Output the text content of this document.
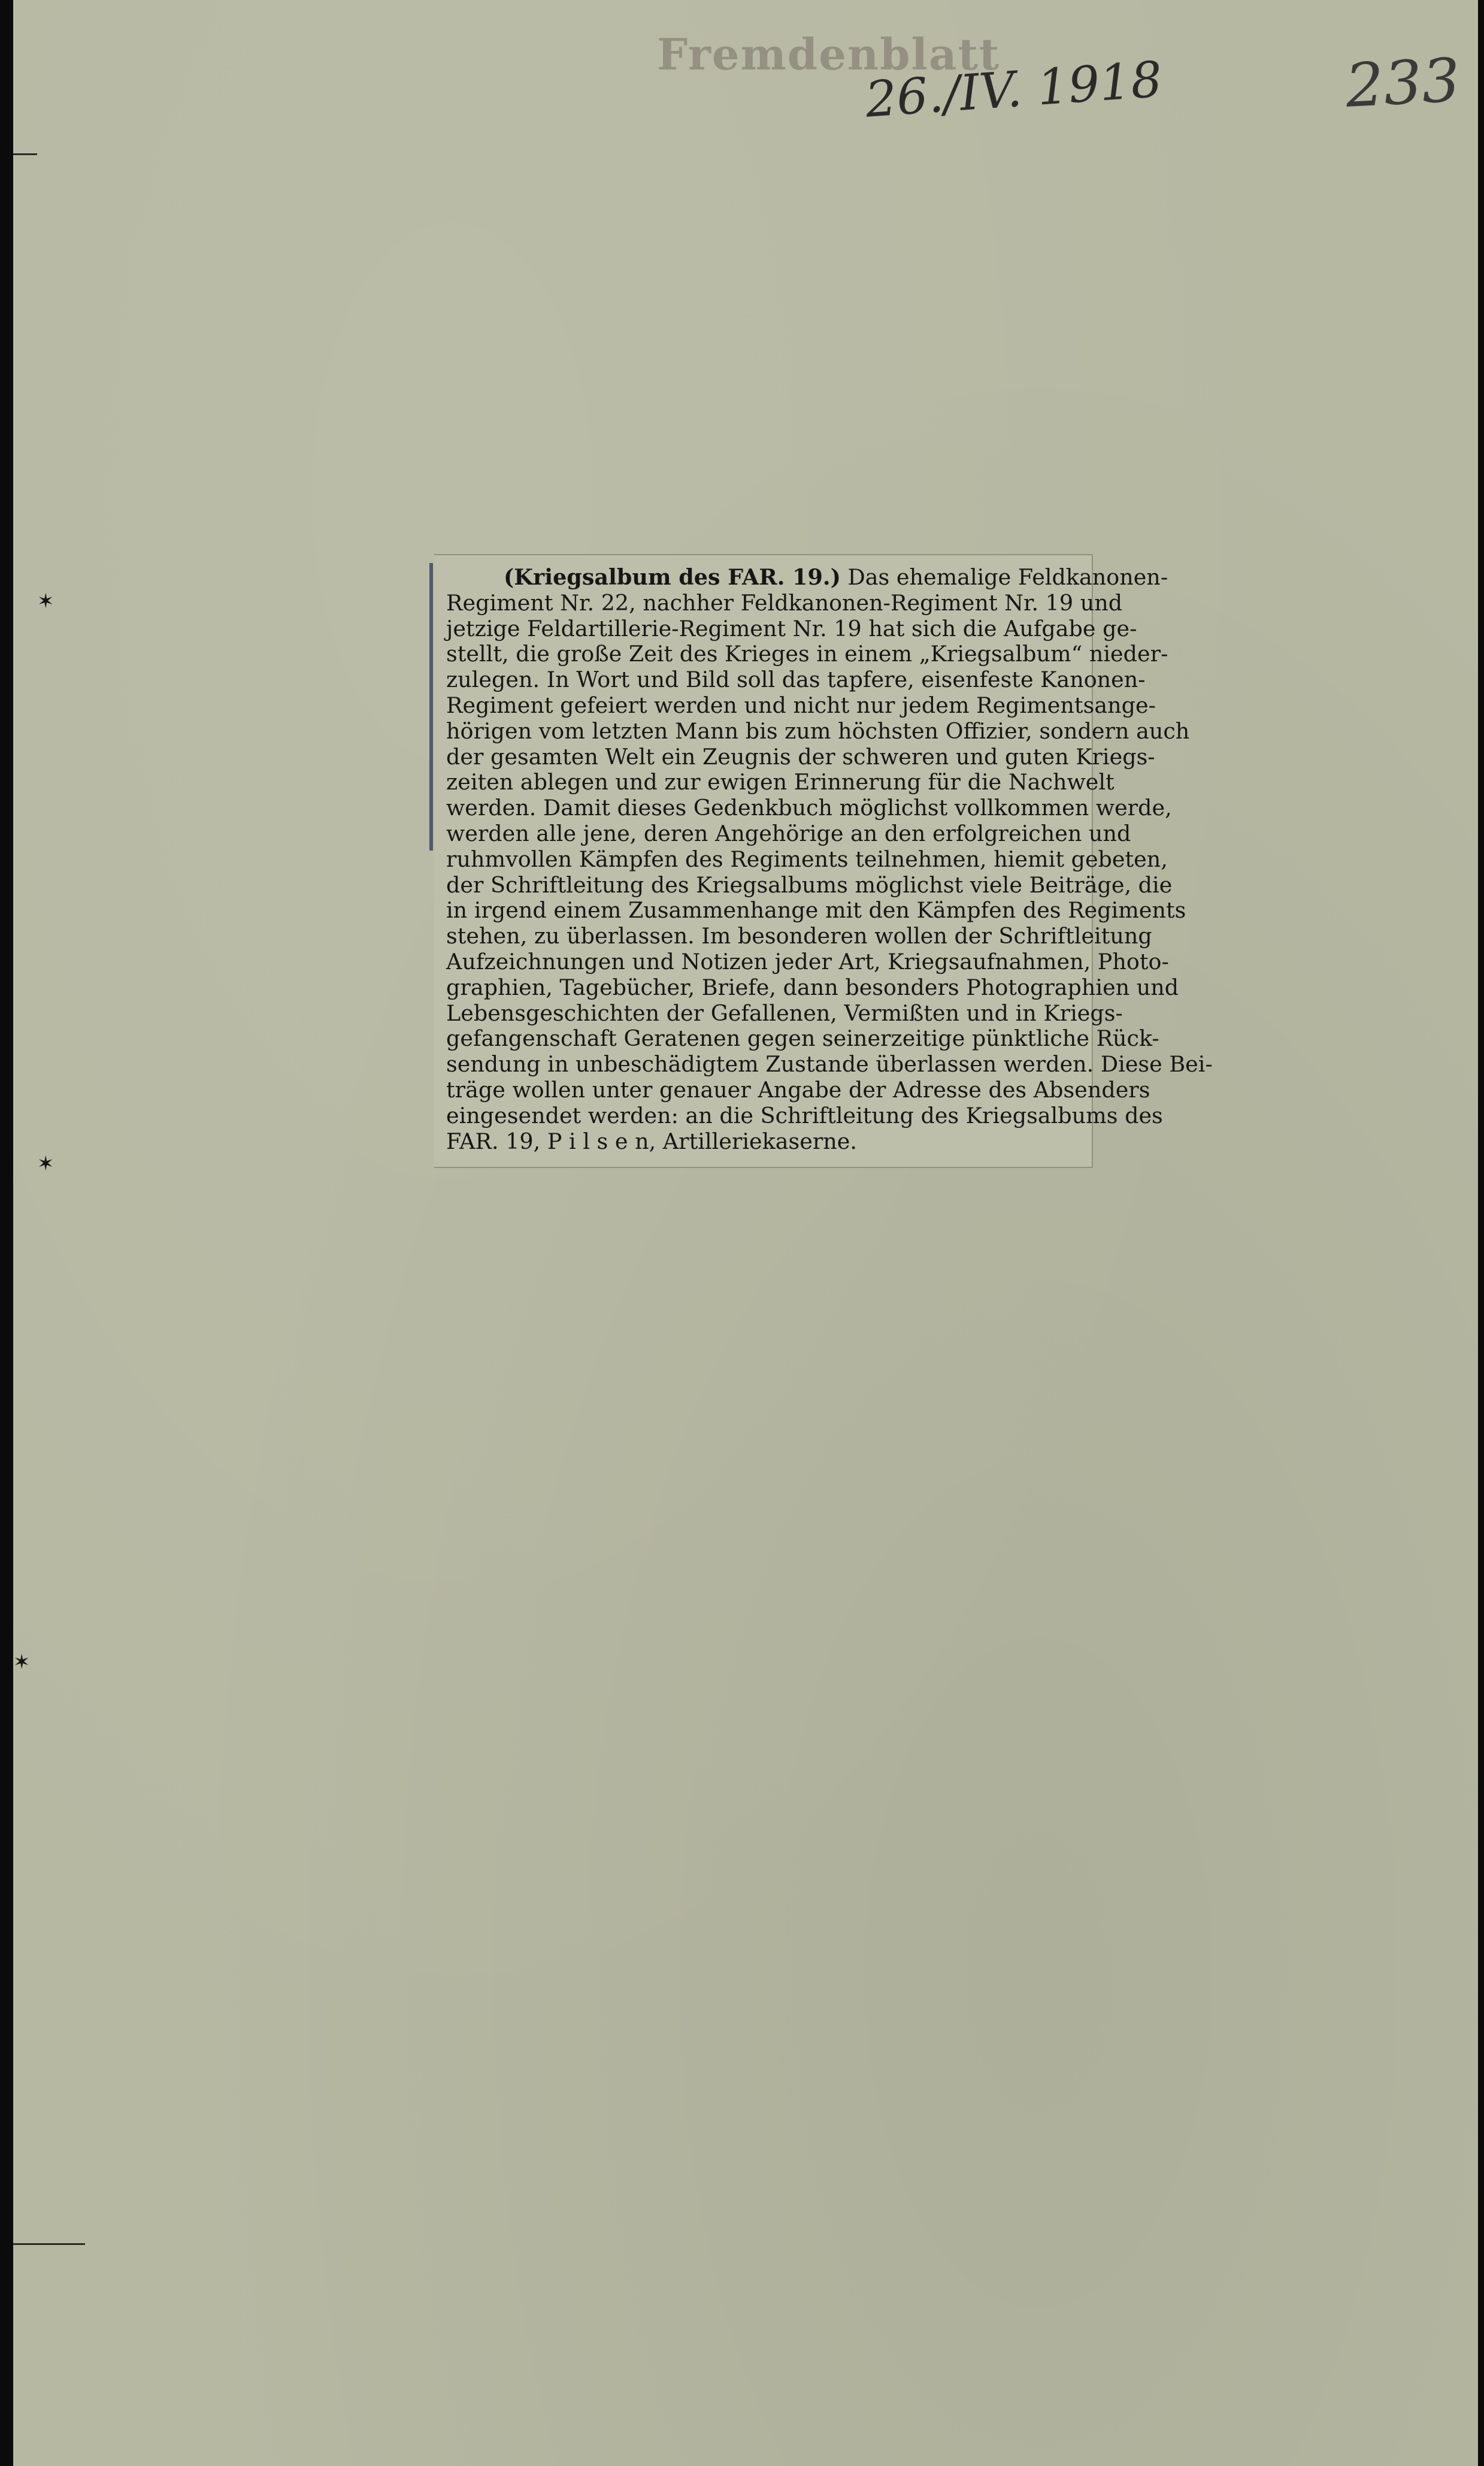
Fremdenblatt
26./IV. 1918	233
✶
✶
✶
(Kriegsalbum des FAR. 19.) Das ehemalige Feldkanonen-
Regiment Nr. 22, nachher Feldkanonen-Regiment Nr. 19 und
jetzige Feldartillerie-Regiment Nr. 19 hat sich die Aufgabe ge-
stellt, die große Zeit des Krieges in einem „Kriegsalbum“ nieder-
zulegen. In Wort und Bild soll das tapfere, eisenfeste Kanonen-
Regiment gefeiert werden und nicht nur jedem Regimentsange-
hörigen vom letzten Mann bis zum höchsten Offizier, sondern auch
der gesamten Welt ein Zeugnis der schweren und guten Kriegs-
zeiten ablegen und zur ewigen Erinnerung für die Nachwelt
werden. Damit dieses Gedenkbuch möglichst vollkommen werde,
werden alle jene, deren Angehörige an den erfolgreichen und
ruhmvollen Kämpfen des Regiments teilnehmen, hiemit gebeten,
der Schriftleitung des Kriegsalbums möglichst viele Beiträge, die
in irgend einem Zusammenhange mit den Kämpfen des Regiments
stehen, zu überlassen. Im besonderen wollen der Schriftleitung
Aufzeichnungen und Notizen jeder Art, Kriegsaufnahmen, Photo-
graphien, Tagebücher, Briefe, dann besonders Photographien und
Lebensgeschichten der Gefallenen, Vermißten und in Kriegs-
gefangenschaft Geratenen gegen seinerzeitige pünktliche Rück-
sendung in unbeschädigtem Zustande überlassen werden. Diese Bei-
träge wollen unter genauer Angabe der Adresse des Absenders
eingesendet werden: an die Schriftleitung des Kriegsalbums des
FAR. 19, P i l s e n, Artilleriekaserne.
